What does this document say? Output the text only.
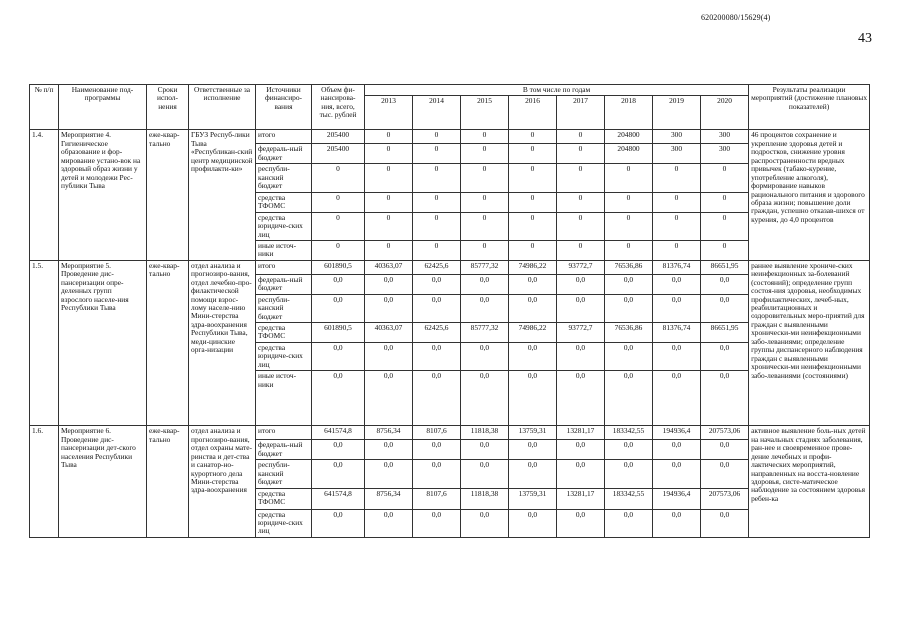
620200080/15629(4)
43
№ п/п	Наименование под-программы	Сроки испол-нения	Ответственные за исполнение	Источники финансиро-вания	Объем фи-нансирова-ния, всего, тыс. рублей	В том числе по годам								Результаты реализации мероприятий (достижение плановых показателей)
						2013	2014	2015	2016	2017	2018	2019	2020	
1.4.	Мероприятие 4. Гигиеническое образование и фор-мирование устано-вок на здоровый образ жизни у детей и молодежи Рес-публики Тыва	еже-квар-тально	ГБУЗ Респуб-лики Тыва «Республикан-ский центр медицинской профилакти-ки»	итого	205400	0	0	0	0	0	204800	300	300	46 процентов сохранение и укрепление здоровья детей и подростков, снижение уровня распространенности вредных привычек (табако-курение, употребление алкоголя), формирование навыков рационального питания и здорового образа жизни; повышение доли граждан, успешно отказав-шихся от курения, до 4,0 процентов
				федераль-ный бюджет	205400	0	0	0	0	0	204800	300	300	
				республи-канский бюджет	0	0	0	0	0	0	0	0	0	
				средства ТФОМС	0	0	0	0	0	0	0	0	0	
				средства юридиче-ских лиц	0	0	0	0	0	0	0	0	0	
				иные источ-ники	0	0	0	0	0	0	0	0	0	
1.5.	Мероприятие 5. Проведение дис-пансеризации опре-деленных групп взрослого населе-ния Республики Тыва	еже-квар-тально	отдел анализа и прогнозиро-вания, отдел лечебно-про-филактической помощи взрос-лому населе-нию Мини-стерства здра-воохранения Республики Тыва, меди-цинские орга-низации	итого	601890,5	40363,07	62425,6	85777,32	74986,22	93772,7	76536,86	81376,74	86651,95	раннее выявление хрониче-ских неинфекционных за-болеваний (состояний); определение групп состоя-ния здоровья, необходимых профилактических, лечеб-ных, реабилитационных и оздоровительных меро-приятий для граждан с выявленными хронически-ми неинфекционными забо-леваниями; определение группы диспансерного наблюдения граждан с выявленными хронически-ми неинфекционными забо-леваниями (состояниями)
				федераль-ный бюджет	0,0	0,0	0,0	0,0	0,0	0,0	0,0	0,0	0,0	
				республи-канский бюджет	0,0	0,0	0,0	0,0	0,0	0,0	0,0	0,0	0,0	
				средства ТФОМС	601890,5	40363,07	62425,6	85777,32	74986,22	93772,7	76536,86	81376,74	86651,95	
				средства юридиче-ских лиц	0,0	0,0	0,0	0,0	0,0	0,0	0,0	0,0	0,0	
				иные источ-ники	0,0	0,0	0,0	0,0	0,0	0,0	0,0	0,0	0,0	
1.6.	Мероприятие 6. Проведение дис-пансеризации дет-ского населения Республики Тыва	еже-квар-тально	отдел анализа и прогнозиро-вания, отдел охраны мате-ринства и дет-ства и санатор-но-курортного дела Мини-стерства здра-воохранения	итого	641574,8	8756,34	8107,6	11818,38	13759,31	13281,17	183342,55	194936,4	207573,06	активное выявление боль-ных детей на начальных стадиях заболевания, ран-нее и своевременное прове-дение лечебных и профи-лактических мероприятий, направленных на восста-новление здоровья, систе-матическое наблюдение за состоянием здоровья ребен-ка
				федераль-ный бюджет	0,0	0,0	0,0	0,0	0,0	0,0	0,0	0,0	0,0	
				республи-канский бюджет	0,0	0,0	0,0	0,0	0,0	0,0	0,0	0,0	0,0	
				средства ТФОМС	641574,8	8756,34	8107,6	11818,38	13759,31	13281,17	183342,55	194936,4	207573,06	
				средства юридиче-ских лиц	0,0	0,0	0,0	0,0	0,0	0,0	0,0	0,0	0,0	
